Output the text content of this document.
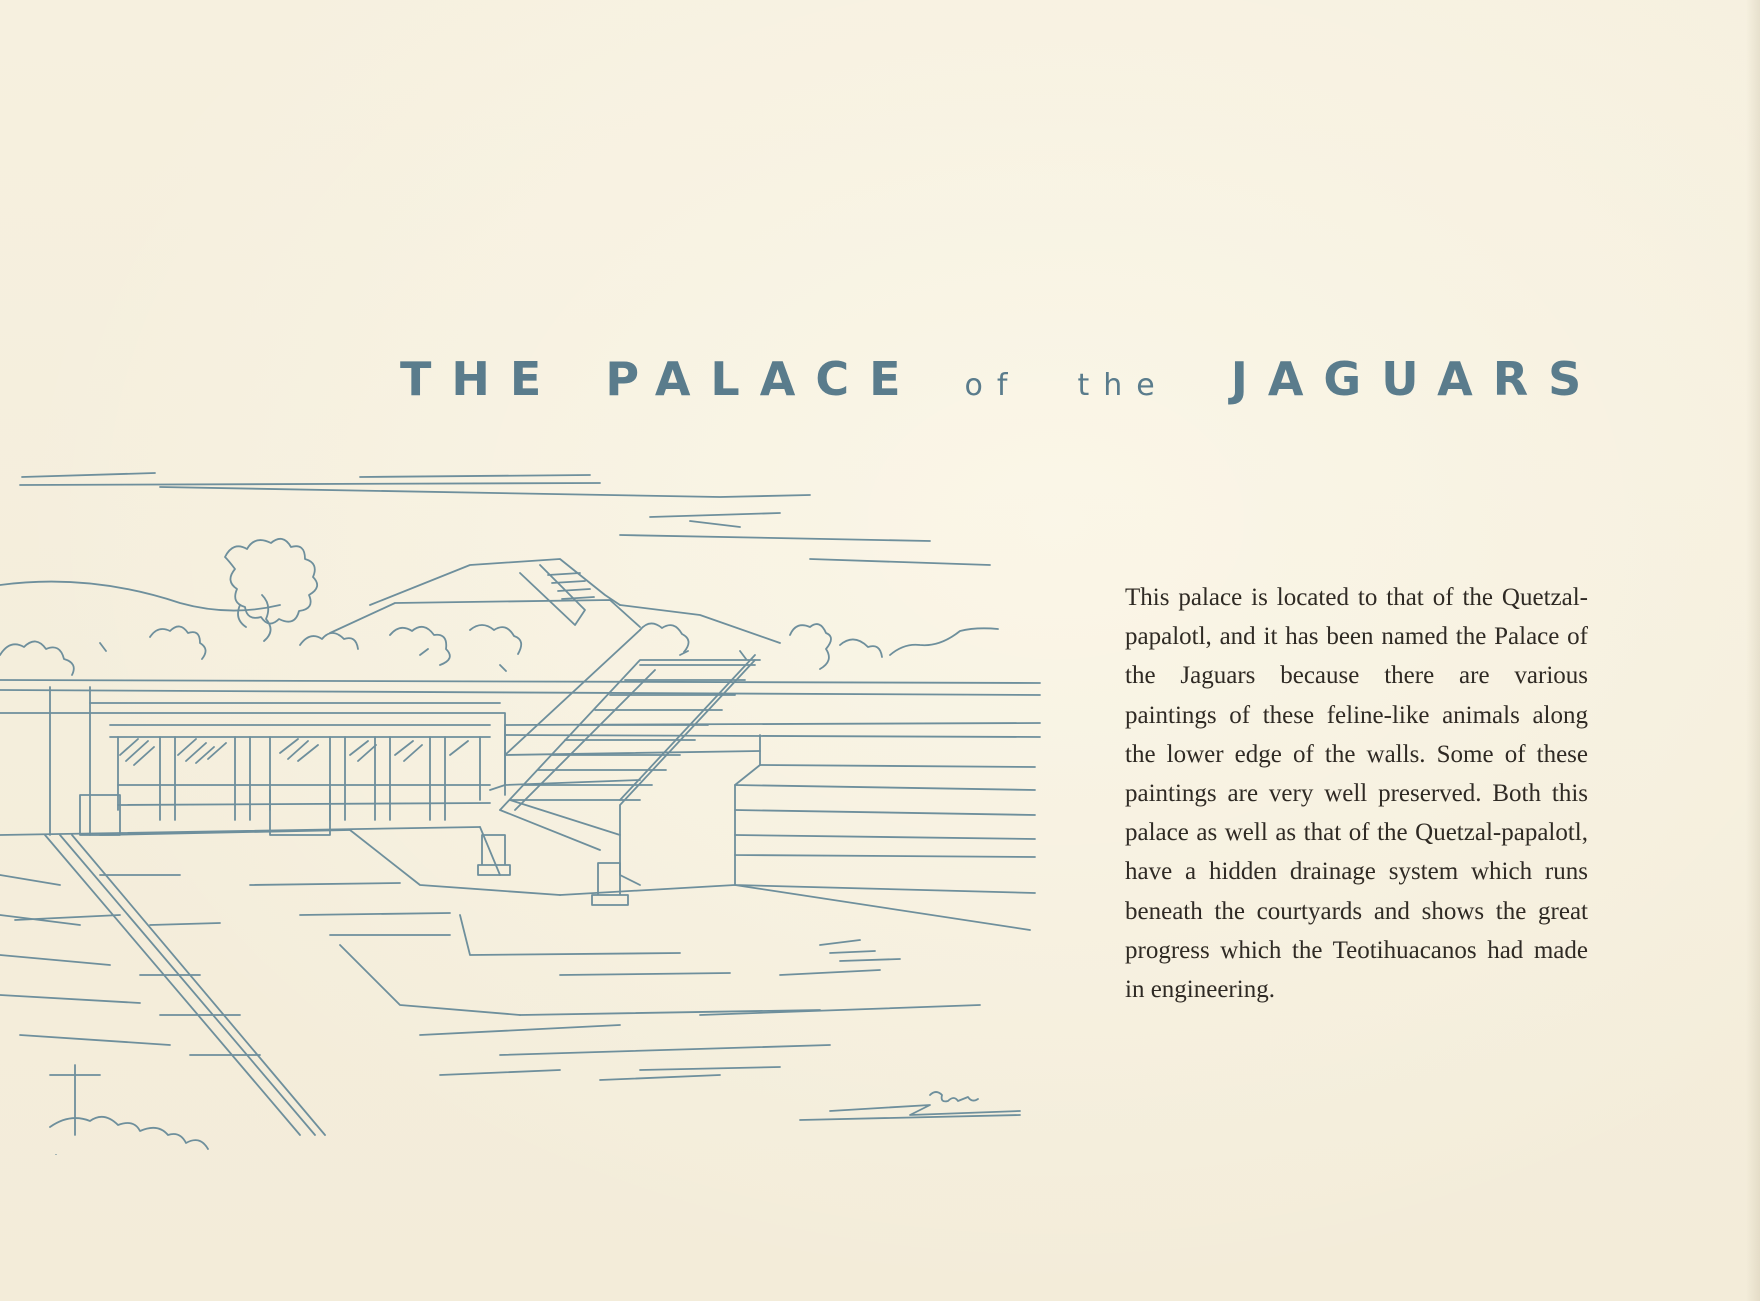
THE PALACE of the JAGUARS

This palace is located to that of the Quetzal-papalotl, and it has been named the Palace of the Jaguars because there are various paintings of these feline-like animals along the lower edge of the walls. Some of these paintings are very well preserved. Both this palace as well as that of the Quetzal-papalotl, have a hidden drainage system which runs beneath the courtyards and shows the great progress which the Teotihuacanos had made in engineering.
